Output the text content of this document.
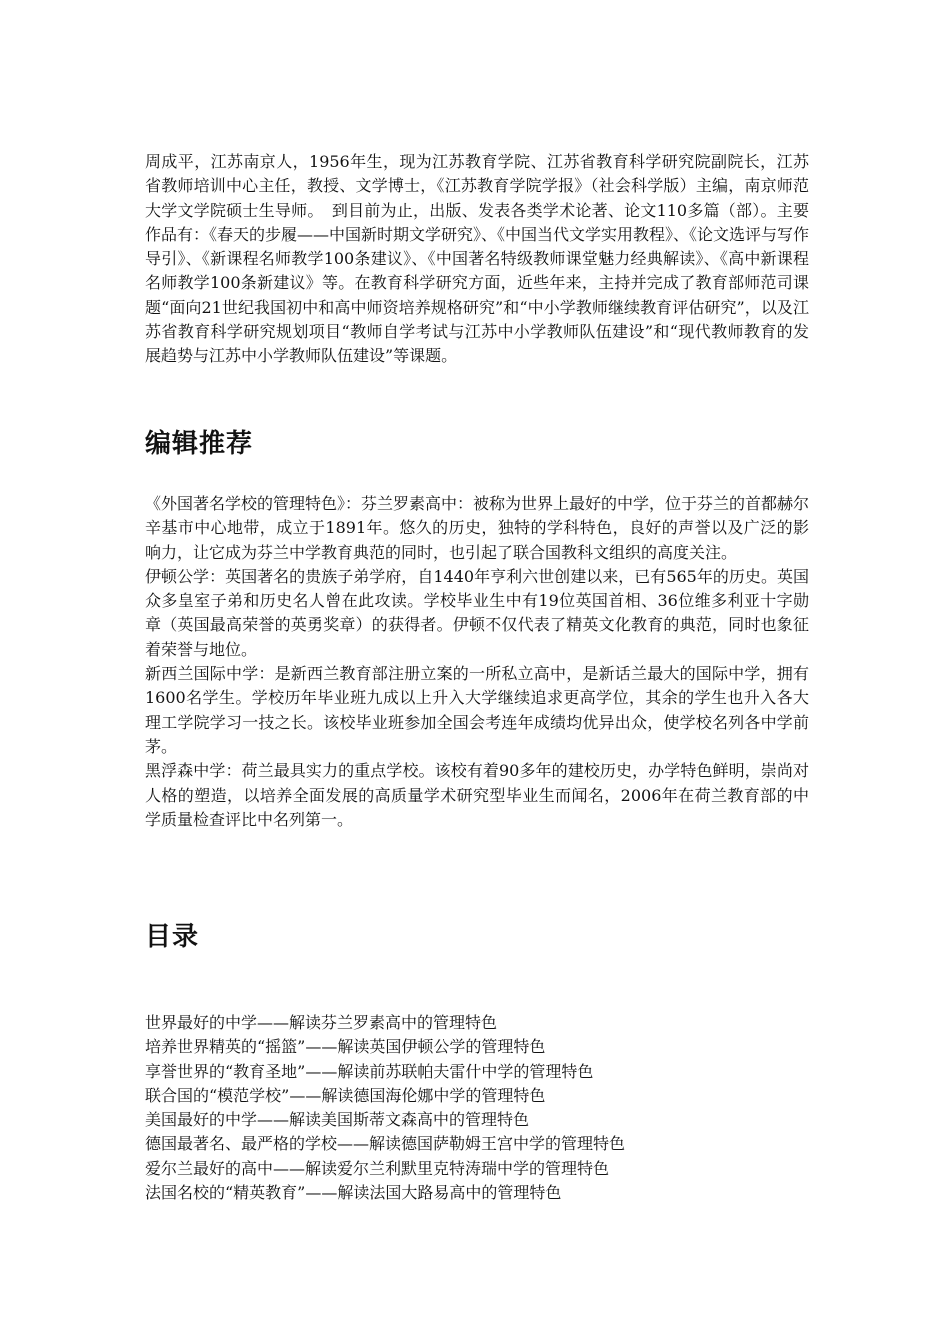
周成平，江苏南京人，1956年生，现为江苏教育学院、江苏省教育科学研究院副院长，江苏省教师培训中心主任，教授、文学博士，《江苏教育学院学报》（社会科学版）主编，南京师范大学文学院硕士生导师。　到目前为止，出版、发表各类学术论著、论文110多篇（部）。主要作品有：《春天的步履——中国新时期文学研究》、《中国当代文学实用教程》、《论文选评与写作导引》、《新课程名师教学100条建议》、《中国著名特级教师课堂魅力经典解读》、《高中新课程名师教学100条新建议》等。在教育科学研究方面，近些年来，主持并完成了教育部师范司课题“面向21世纪我国初中和高中师资培养规格研究”和“中小学教师继续教育评估研究”，以及江苏省教育科学研究规划项目“教师自学考试与江苏中小学教师队伍建设”和“现代教师教育的发展趋势与江苏中小学教师队伍建设”等课题。

编辑推荐

《外国著名学校的管理特色》：芬兰罗素高中：被称为世界上最好的中学，位于芬兰的首都赫尔辛基市中心地带，成立于1891年。悠久的历史，独特的学科特色，良好的声誉以及广泛的影响力，让它成为芬兰中学教育典范的同时，也引起了联合国教科文组织的高度关注。

伊顿公学：英国著名的贵族子弟学府，自1440年亨利六世创建以来，已有565年的历史。英国众多皇室子弟和历史名人曾在此攻读。学校毕业生中有19位英国首相、36位维多利亚十字勋章（英国最高荣誉的英勇奖章）的获得者。伊顿不仅代表了精英文化教育的典范，同时也象征着荣誉与地位。

新西兰国际中学：是新西兰教育部注册立案的一所私立高中，是新话兰最大的国际中学，拥有1600名学生。学校历年毕业班九成以上升入大学继续追求更高学位，其余的学生也升入各大理工学院学习一技之长。该校毕业班参加全国会考连年成绩均优异出众，使学校名列各中学前茅。

黑浮森中学：荷兰最具实力的重点学校。该校有着90多年的建校历史，办学特色鲜明，崇尚对人格的塑造，以培养全面发展的高质量学术研究型毕业生而闻名，2006年在荷兰教育部的中学质量检查评比中名列第一。

目录
世界最好的中学——解读芬兰罗素高中的管理特色
培养世界精英的“摇篮”——解读英国伊顿公学的管理特色
享誉世界的“教育圣地”——解读前苏联帕夫雷什中学的管理特色
联合国的“模范学校”——解读德国海伦娜中学的管理特色
美国最好的中学——解读美国斯蒂文森高中的管理特色
德国最著名、最严格的学校——解读德国萨勒姆王宫中学的管理特色
爱尔兰最好的高中——解读爱尔兰利默里克特涛瑞中学的管理特色
法国名校的“精英教育”——解读法国大路易高中的管理特色
